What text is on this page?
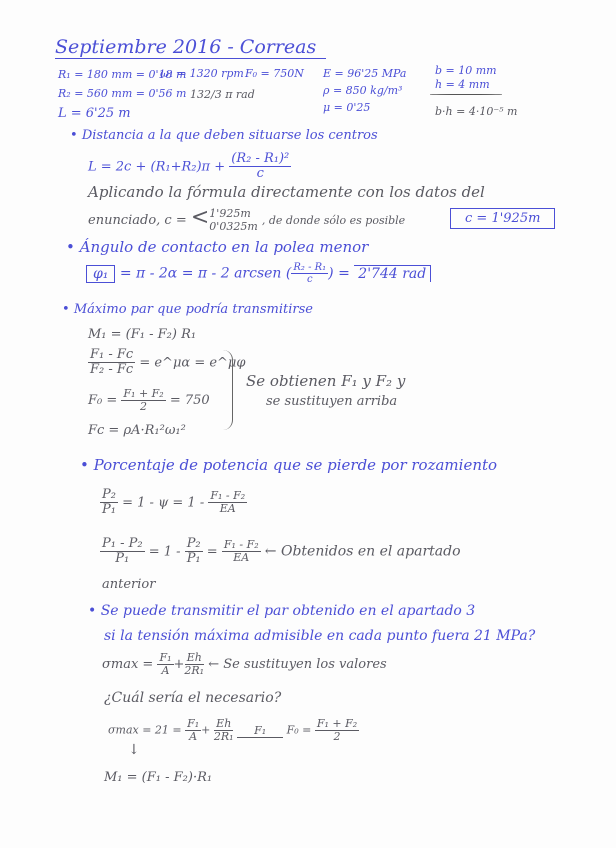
Septiembre 2016 - Correas
R₁ = 180 mm = 0'18 m
R₂ = 560 mm = 0'56 m
L = 6'25 m
ω₁ = 1320 rpm
132/3 π rad
F₀ = 750N E = 96'25 MPa
ρ = 850 kg/m³
μ = 0'25
b = 10 mm
h = 4 mm
b·h = 4·10⁻⁵ m
• Distancia a la que deben situarse los centros
$L = 2c + (R_1+R_2)\pi + \frac{\text{(R₂ - R₁)²}}{c}$
Aplicando la fórmula directamente con los datos del
enunciado, c = < 1'925m
0'0325m , de donde sólo es posible	c = 1'925m
• Ángulo de contacto en la polea menor
φ₁ = π - 2α = π - 2 arcsen ( $\frac{\text{R₂ - R₁}}{c}$ ) = 2'744 rad
• Máximo par que podría transmitirse
M₁ = (F₁ - F₂) R₁
$\frac{\text{F₁ - Fc}}{\text{F₂ - Fc}}$ = e^μα = e^μφ
$F_0 = \frac{\text{F₁ + F₂}}{2} = 750$
Fc = ρA·R₁²ω₁²
Se obtienen F₁ y F₂ y
se sustituyen arriba
• Porcentaje de potencia que se pierde por rozamiento
$\frac{\text{P₂}}{\text{P₁}} = 1 - \psi = 1 - \frac{\text{F₁ - F₂}}{EA}$
$\frac{\text{P₁ - P₂}}{\text{P₁}} = 1 - \frac{\text{P₂}}{\text{P₁}} = \frac{\text{F₁ - F₂}}{EA}$ ← Obtenidos en el apartado
anterior
• Se puede transmitir el par obtenido en el apartado 3
si la tensión máxima admisible en cada punto fuera 21 MPa?
$\sigma\max = \frac{\text{F₁}}{A} + \frac{Eh}{\text{2R₁}}$ ← Se sustituyen los valores
¿Cuál sería el necesario?
$\sigma\max = 21 = \frac{\text{F₁}}{A} + \frac{Eh}{\text{2R₁}} F_1$ $F_0 = \frac{\text{F₁ + F₂}}{2}$
↓
M₁ = (F₁ - F₂)·R₁
